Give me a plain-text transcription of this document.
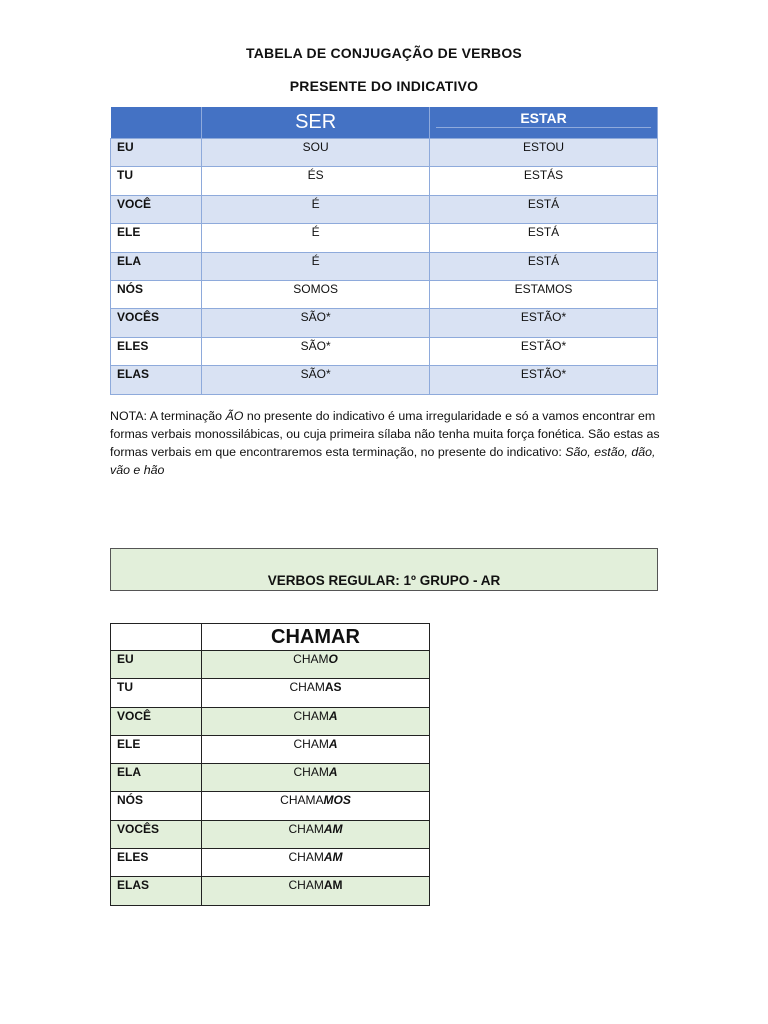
TABELA DE CONJUGAÇÃO DE VERBOS
PRESENTE DO INDICATIVO
	SER	ESTAR

EU	SOU	ESTOU
TU	ÉS	ESTÁS
VOCÊ	É	ESTÁ
ELE	É	ESTÁ
ELA	É	ESTÁ
NÓS	SOMOS	ESTAMOS
VOCÊS	SÃO*	ESTÃO*
ELES	SÃO*	ESTÃO*
ELAS	SÃO*	ESTÃO*
NOTA: A terminação ÃO no presente do indicativo é uma irregularidade e só a vamos encontrar em formas verbais monossilábicas, ou cuja primeira sílaba não tenha muita força fonética. São estas as formas verbais em que encontraremos esta terminação, no presente do indicativo: São, estão, dão, vão e hão
VERBOS REGULAR: 1º GRUPO - AR
	CHAMAR
EU	CHAMO
TU	CHAMAS
VOCÊ	CHAMA
ELE	CHAMA
ELA	CHAMA
NÓS	CHAMAMOS
VOCÊS	CHAMAM
ELES	CHAMAM
ELAS	CHAMAM
